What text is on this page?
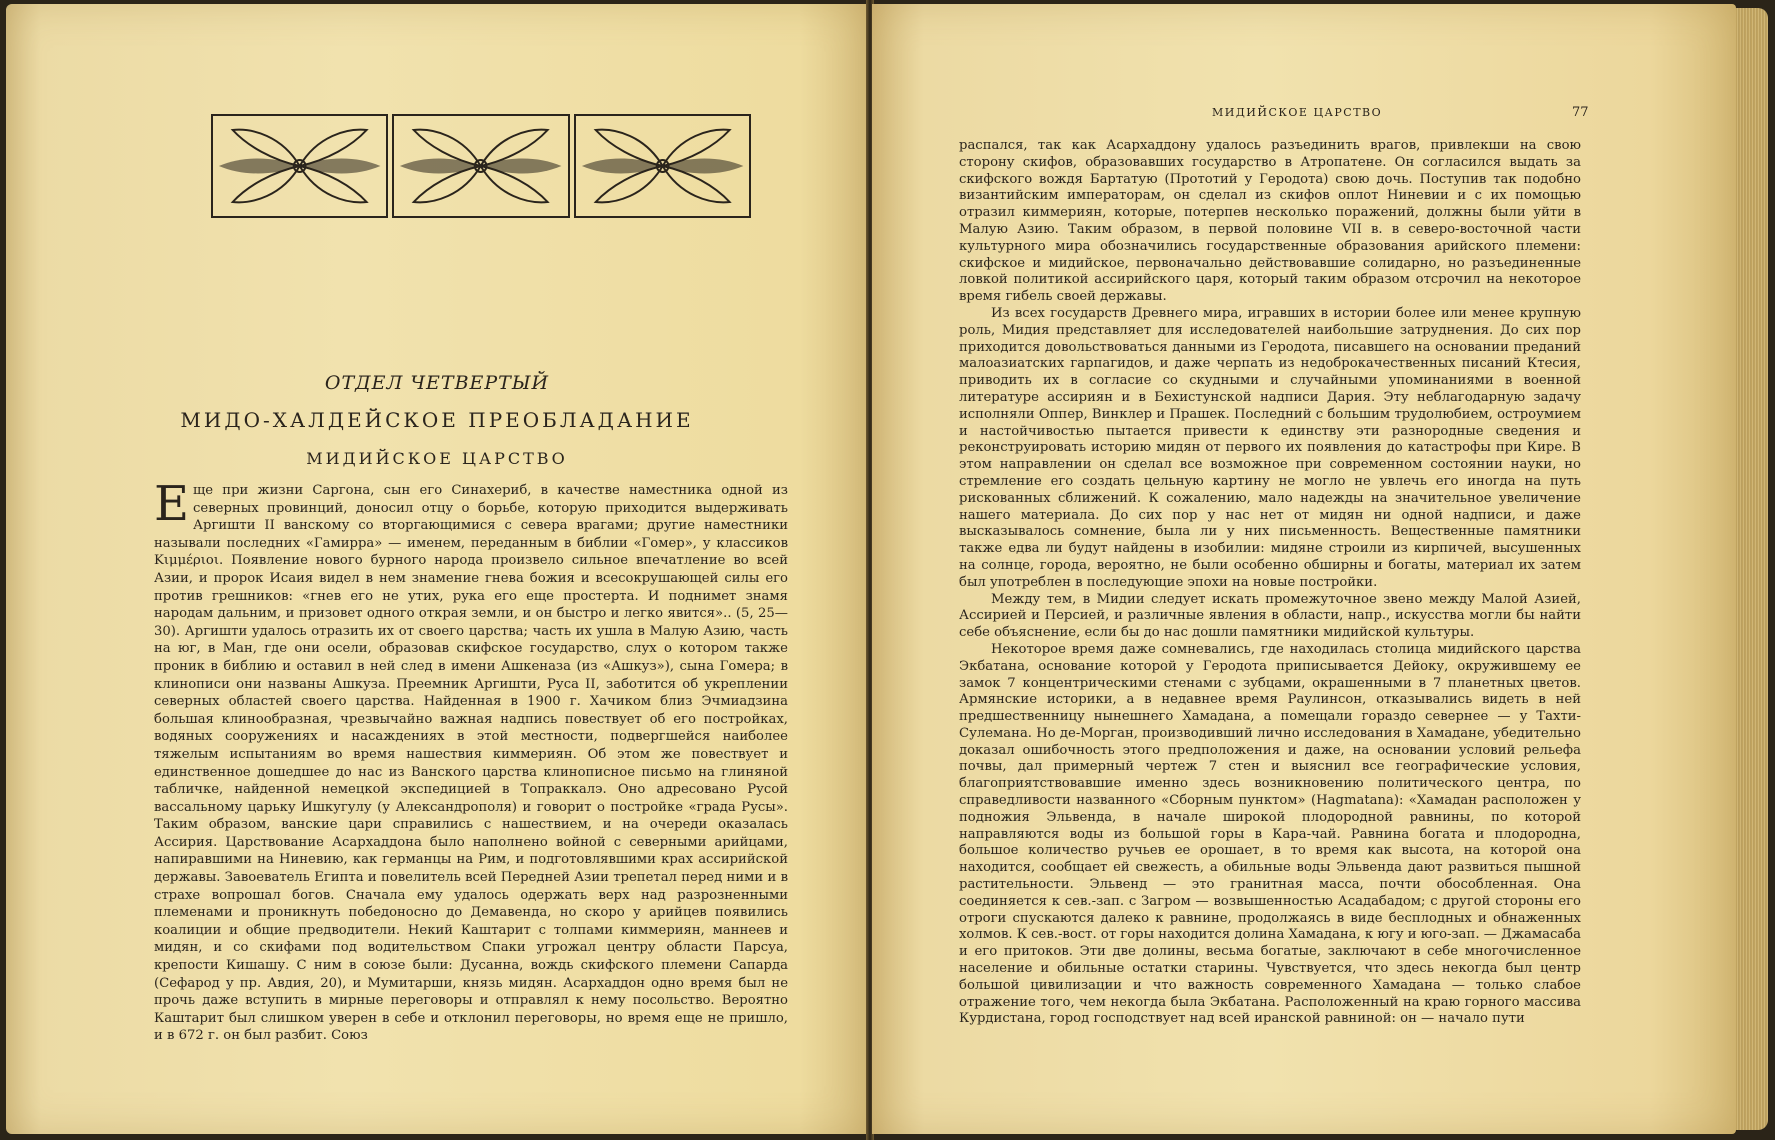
ОТДЕЛ ЧЕТВЕРТЫЙ
МИДО-ХАЛДЕЙСКОЕ ПРЕОБЛАДАНИЕ
МИДИЙСКОЕ ЦАРСТВО
Е ще при жизни Саргона, сын его Синахериб, в качестве наместника одной из северных провинций, доносил отцу о борьбе, которую приходится выдерживать Аргишти II ванскому со вторгающимися с севера врагами; другие наместники называли последних «Гамирра» — именем, переданным в библии «Гомер», у классиков Κιμμέριοι. Появление нового бурного народа произвело сильное впечатление во всей Азии, и пророк Исаия видел в нем знамение гнева божия и всесокрушающей силы его против грешников: «гнев его не утих, рука его еще простерта. И поднимет знамя народам дальним, и призовет одного открая земли, и он быстро и легко явится».. (5, 25—30). Аргишти удалось отразить их от своего царства; часть их ушла в Малую Азию, часть на юг, в Ман, где они осели, образовав скифское государство, слух о котором также проник в библию и оставил в ней след в имени Ашкеназа (из «Ашкуз»), сына Гомера; в клинописи они названы Ашкуза. Преемник Аргишти, Руса II, заботится об укреплении северных областей своего царства. Найденная в 1900 г. Хачиком близ Эчмиадзина большая клинообразная, чрезвычайно важная надпись повествует об его постройках, водяных сооружениях и насаждениях в этой местности, подвергшейся наиболее тяжелым испытаниям во время нашествия киммериян. Об этом же повествует и единственное дошедшее до нас из Ванского царства клинописное письмо на глиняной табличке, найденной немецкой экспедицией в Топраккалэ. Оно адресовано Русой вассальному царьку Ишкугулу (у Александрополя) и говорит о постройке «града Русы». Таким образом, ванские цари справились с нашествием, и на очереди оказалась Ассирия. Царствование Асархаддона было наполнено войной с северными арийцами, напиравшими на Ниневию, как германцы на Рим, и подготовлявшими крах ассирийской державы. Завоеватель Египта и повелитель всей Передней Азии трепетал перед ними и в страхе вопрошал богов. Сначала ему удалось одержать верх над разрозненными племенами и проникнуть победоносно до Демавенда, но скоро у арийцев появились коалиции и общие предводители. Некий Каштарит с толпами киммериян, маннеев и мидян, и со скифами под водительством Спаки угрожал центру области Парсуа, крепости Кишашу. С ним в союзе были: Дусанна, вождь скифского племени Сапарда (Сефарод у пр. Авдия, 20), и Мумитарши, князь мидян. Асархаддон одно время был не прочь даже вступить в мирные переговоры и отправлял к нему посольство. Вероятно Каштарит был слишком уверен в себе и отклонил переговоры, но время еще не пришло, и в 672 г. он был разбит. Союз
МИДИЙСКОЕ ЦАРСТВО	77

распался, так как Асархаддону удалось разъединить врагов, привлекши на свою сторону скифов, образовавших государство в Атропатене. Он согласился выдать за скифского вождя Бартатую (Прототий у Геродота) свою дочь. Поступив так подобно византийским императорам, он сделал из скифов оплот Ниневии и с их помощью отразил киммериян, которые, потерпев несколько поражений, должны были уйти в Малую Азию. Таким образом, в первой половине VII в. в северо-восточной части культурного мира обозначились государственные образования арийского племени: скифское и мидийское, первоначально действовавшие солидарно, но разъединенные ловкой политикой ассирийского царя, который таким образом отсрочил на некоторое время гибель своей державы.

Из всех государств Древнего мира, игравших в истории более или менее крупную роль, Мидия представляет для исследователей наибольшие затруднения. До сих пор приходится довольствоваться данными из Геродота, писавшего на основании преданий малоазиатских гарпагидов, и даже черпать из недоброкачественных писаний Ктесия, приводить их в согласие со скудными и случайными упоминаниями в военной литературе ассириян и в Бехистунской надписи Дария. Эту неблагодарную задачу исполняли Оппер, Винклер и Прашек. Последний с большим трудолюбием, остроумием и настойчивостью пытается привести к единству эти разнородные сведения и реконструировать историю мидян от первого их появления до катастрофы при Кире. В этом направлении он сделал все возможное при современном состоянии науки, но стремление его создать цельную картину не могло не увлечь его иногда на путь рискованных сближений. К сожалению, мало надежды на значительное увеличение нашего материала. До сих пор у нас нет от мидян ни одной надписи, и даже высказывалось сомнение, была ли у них письменность. Вещественные памятники также едва ли будут найдены в изобилии: мидяне строили из кирпичей, высушенных на солнце, города, вероятно, не были особенно обширны и богаты, материал их затем был употреблен в последующие эпохи на новые постройки.

Между тем, в Мидии следует искать промежуточное звено между Малой Азией, Ассирией и Персией, и различные явления в области, напр., искусства могли бы найти себе объяснение, если бы до нас дошли памятники мидийской культуры.

Некоторое время даже сомневались, где находилась столица мидийского царства Экбатана, основание которой у Геродота приписывается Дейоку, окружившему ее замок 7 концентрическими стенами с зубцами, окрашенными в 7 планетных цветов. Армянские историки, а в недавнее время Раулинсон, отказывались видеть в ней предшественницу нынешнего Хамадана, а помещали гораздо севернее — у Тахти-Сулемана. Но де-Морган, производивший лично исследования в Хамадане, убедительно доказал ошибочность этого предположения и даже, на основании условий рельефа почвы, дал примерный чертеж 7 стен и выяснил все географические условия, благоприятствовавшие именно здесь возникновению политического центра, по справедливости названного «Сборным пунктом» (Hagmatana): «Хамадан расположен у подножия Эльвенда, в начале широкой плодородной равнины, по которой направляются воды из большой горы в Кара-чай. Равнина богата и плодородна, большое количество ручьев ее орошает, в то время как высота, на которой она находится, сообщает ей свежесть, а обильные воды Эльвенда дают развиться пышной растительности. Эльвенд — это гранитная масса, почти обособленная. Она соединяется к сев.-зап. с Загром — возвышенностью Асадабадом; с другой стороны его отроги спускаются далеко к равнине, продолжаясь в виде бесплодных и обнаженных холмов. К сев.-вост. от горы находится долина Хамадана, к югу и юго-зап. — Джамасаба и его притоков. Эти две долины, весьма богатые, заключают в себе многочисленное население и обильные остатки старины. Чувствуется, что здесь некогда был центр большой цивилизации и что важность современного Хамадана — только слабое отражение того, чем некогда была Экбатана. Расположенный на краю горного массива Курдистана, город господствует над всей иранской равниной: он — начало пути
